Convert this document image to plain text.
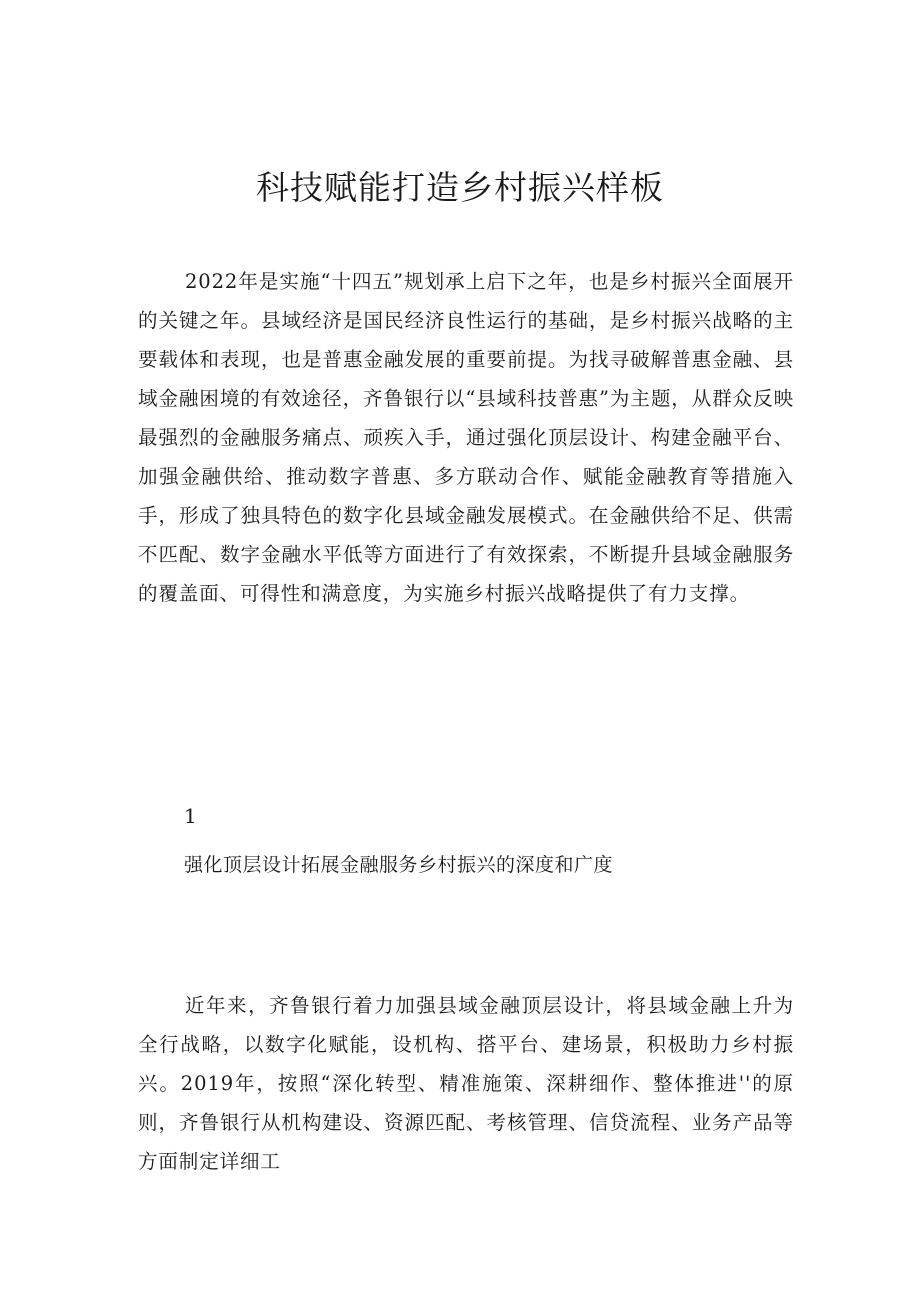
科技赋能打造乡村振兴样板

2022年是实施“十四五”规划承上启下之年，也是乡村振兴全面展开的关键之年。县域经济是国民经济良性运行的基础，是乡村振兴战略的主要载体和表现，也是普惠金融发展的重要前提。为找寻破解普惠金融、县域金融困境的有效途径，齐鲁银行以“县域科技普惠”为主题，从群众反映最强烈的金融服务痛点、顽疾入手，通过强化顶层设计、构建金融平台、加强金融供给、推动数字普惠、多方联动合作、赋能金融教育等措施入手，形成了独具特色的数字化县域金融发展模式。在金融供给不足、供需不匹配、数字金融水平低等方面进行了有效探索，不断提升县域金融服务的覆盖面、可得性和满意度，为实施乡村振兴战略提供了有力支撑。

1
强化顶层设计拓展金融服务乡村振兴的深度和广度

近年来，齐鲁银行着力加强县域金融顶层设计，将县域金融上升为全行战略，以数字化赋能，设机构、搭平台、建场景，积极助力乡村振兴。2019年，按照“深化转型、精准施策、深耕细作、整体推进''的原则，齐鲁银行从机构建设、资源匹配、考核管理、信贷流程、业务产品等方面制定详细工
